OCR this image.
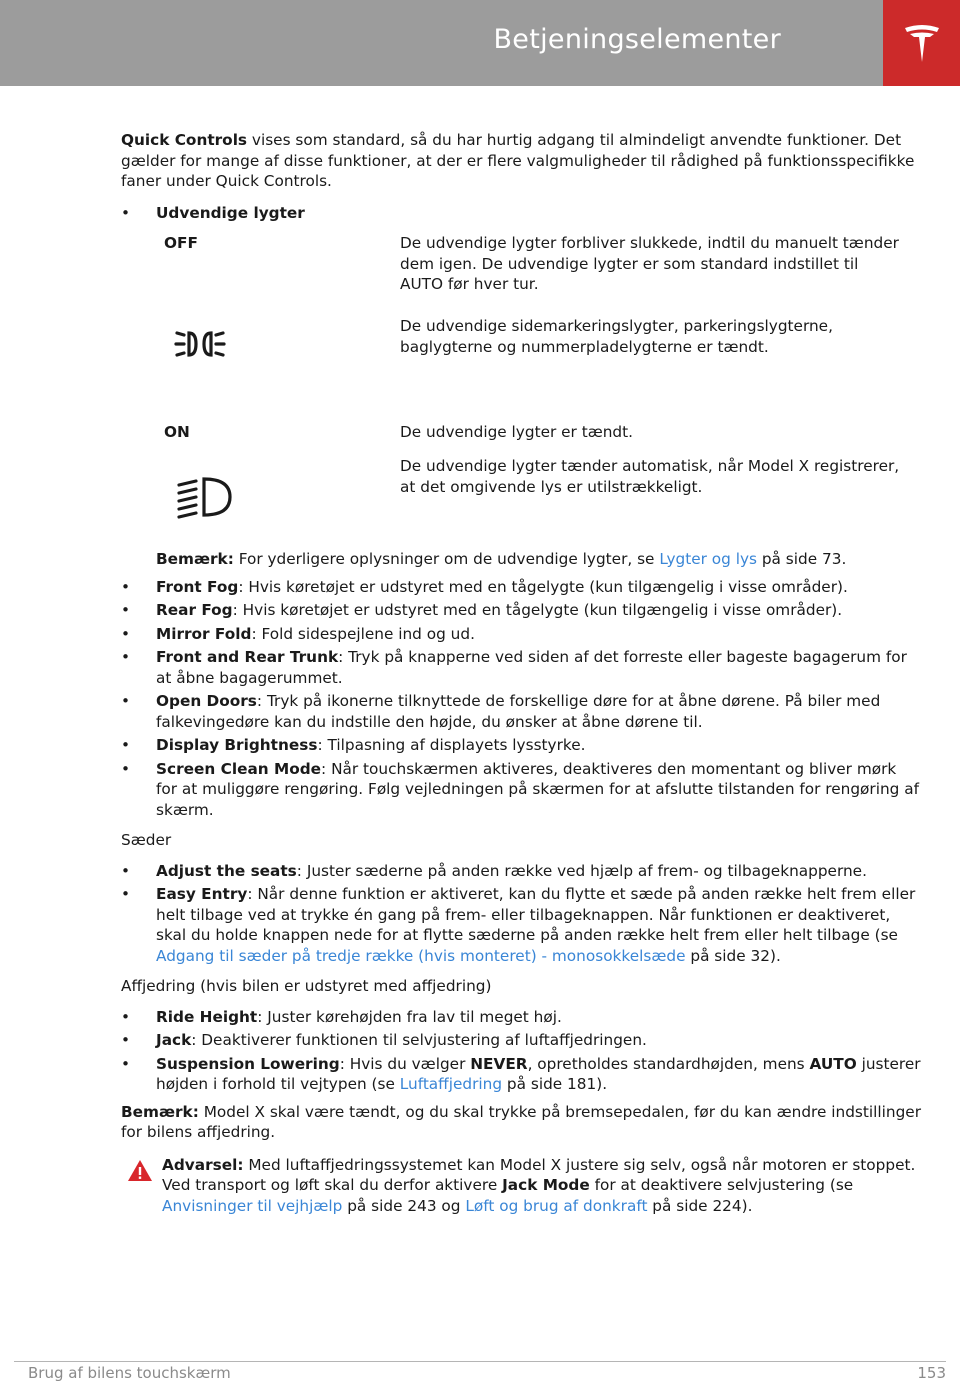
Betjeningselementer

Quick Controls vises som standard, så du har hurtig adgang til almindeligt anvendte funktioner. Det gælder for mange af disse funktioner, at der er flere valgmuligheder til rådighed på funktionsspecifikke faner under Quick Controls.

• Udvendige lygter
OFF	De udvendige lygter forbliver slukkede, indtil du manuelt tænder dem igen. De udvendige lygter er som standard indstillet til AUTO før hver tur.
De udvendige sidemarkeringslygter, parkeringslygterne, baglygterne og nummerpladelygterne er tændt.
ON	De udvendige lygter er tændt.
De udvendige lygter tænder automatisk, når Model X registrerer, at det omgivende lys er utilstrækkeligt.

Bemærk: For yderligere oplysninger om de udvendige lygter, se Lygter og lys på side 73.

• Front Fog: Hvis køretøjet er udstyret med en tågelygte (kun tilgængelig i visse områder).
• Rear Fog: Hvis køretøjet er udstyret med en tågelygte (kun tilgængelig i visse områder).
• Mirror Fold: Fold sidespejlene ind og ud.
• Front and Rear Trunk: Tryk på knapperne ved siden af det forreste eller bageste bagagerum for at åbne bagagerummet.
• Open Doors: Tryk på ikonerne tilknyttede de forskellige døre for at åbne dørene. På biler med falkevingedøre kan du indstille den højde, du ønsker at åbne dørene til.
• Display Brightness: Tilpasning af displayets lysstyrke.
• Screen Clean Mode: Når touchskærmen aktiveres, deaktiveres den momentant og bliver mørk for at muliggøre rengøring. Følg vejledningen på skærmen for at afslutte tilstanden for rengøring af skærm.

Sæder

• Adjust the seats: Juster sæderne på anden række ved hjælp af frem- og tilbageknapperne.
• Easy Entry: Når denne funktion er aktiveret, kan du flytte et sæde på anden række helt frem eller helt tilbage ved at trykke én gang på frem- eller tilbageknappen. Når funktionen er deaktiveret, skal du holde knappen nede for at flytte sæderne på anden række helt frem eller helt tilbage (se Adgang til sæder på tredje række (hvis monteret) - monosokkelsæde på side 32).

Affjedring (hvis bilen er udstyret med affjedring)

• Ride Height: Juster kørehøjden fra lav til meget høj.
• Jack: Deaktiverer funktionen til selvjustering af luftaffjedringen.
• Suspension Lowering: Hvis du vælger NEVER, opretholdes standardhøjden, mens AUTO justerer højden i forhold til vejtypen (se Luftaffjedring på side 181).

Bemærk: Model X skal være tændt, og du skal trykke på bremsepedalen, før du kan ændre indstillinger for bilens affjedring.

Advarsel: Med luftaffjedringssystemet kan Model X justere sig selv, også når motoren er stoppet. Ved transport og løft skal du derfor aktivere Jack Mode for at deaktivere selvjustering (se Anvisninger til vejhjælp på side 243 og Løft og brug af donkraft på side 224).

Brug af bilens touchskærm	153
